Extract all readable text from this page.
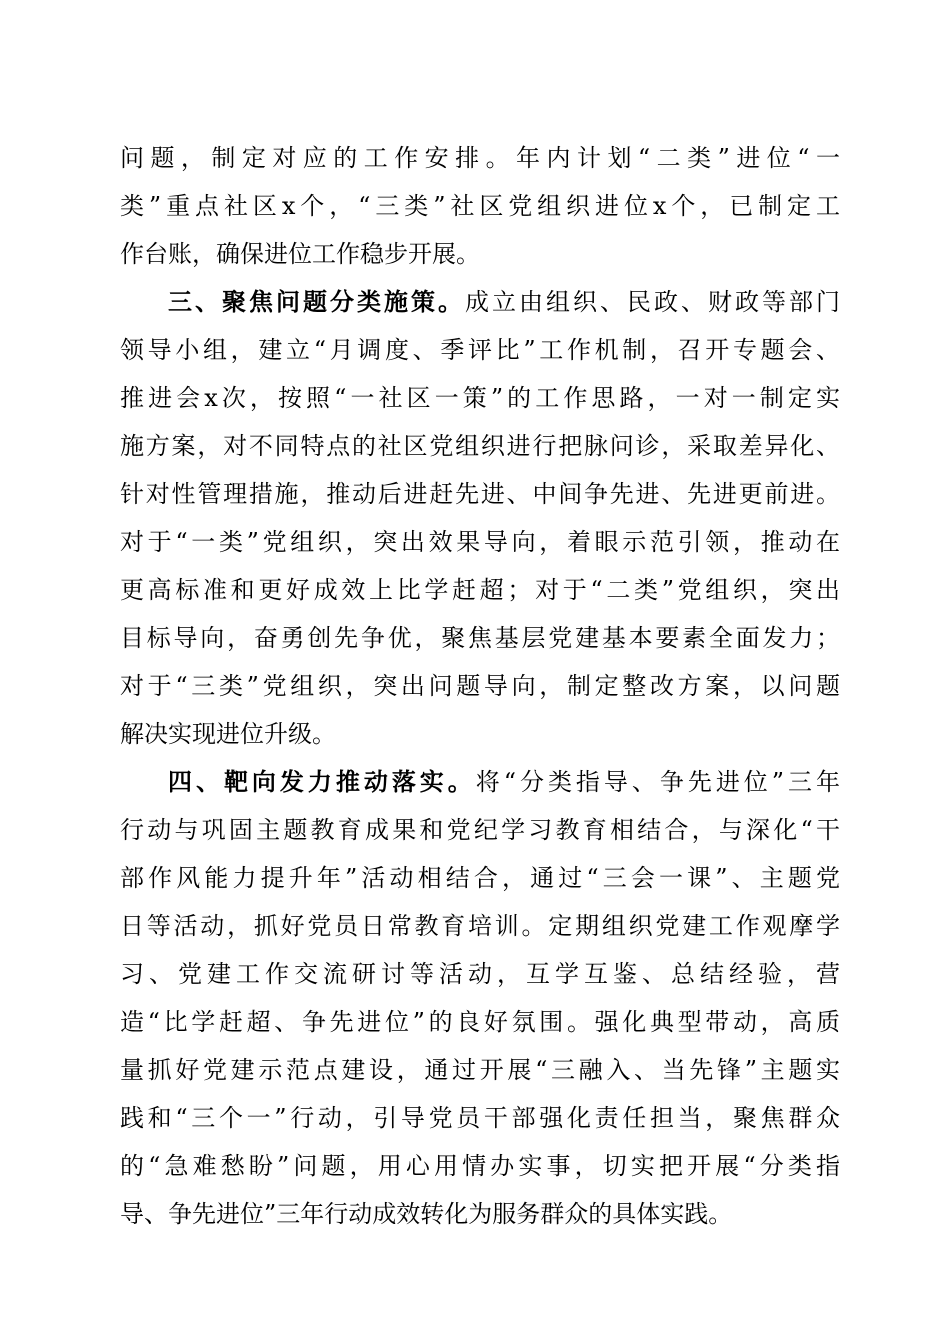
问题，制定对应的工作安排。年内计划“二类”进位“一
类”重点社区x个，“三类”社区党组织进位x个，已制定工
作台账，确保进位工作稳步开展。
三、聚焦问题分类施策。成立由组织、民政、财政等部门
领导小组，建立“月调度、季评比”工作机制，召开专题会、
推进会x次，按照“一社区一策”的工作思路，一对一制定实
施方案，对不同特点的社区党组织进行把脉问诊，采取差异化、
针对性管理措施，推动后进赶先进、中间争先进、先进更前进。
对于“一类”党组织，突出效果导向，着眼示范引领，推动在
更高标准和更好成效上比学赶超；对于“二类”党组织，突出
目标导向，奋勇创先争优，聚焦基层党建基本要素全面发力；
对于“三类”党组织，突出问题导向，制定整改方案，以问题
解决实现进位升级。
四、靶向发力推动落实。将“分类指导、争先进位”三年
行动与巩固主题教育成果和党纪学习教育相结合，与深化“干
部作风能力提升年”活动相结合，通过“三会一课”、主题党
日等活动，抓好党员日常教育培训。定期组织党建工作观摩学
习、党建工作交流研讨等活动，互学互鉴、总结经验，营
造“比学赶超、争先进位”的良好氛围。强化典型带动，高质
量抓好党建示范点建设，通过开展“三融入、当先锋”主题实
践和“三个一”行动，引导党员干部强化责任担当，聚焦群众
的“急难愁盼”问题，用心用情办实事，切实把开展“分类指
导、争先进位”三年行动成效转化为服务群众的具体实践。
